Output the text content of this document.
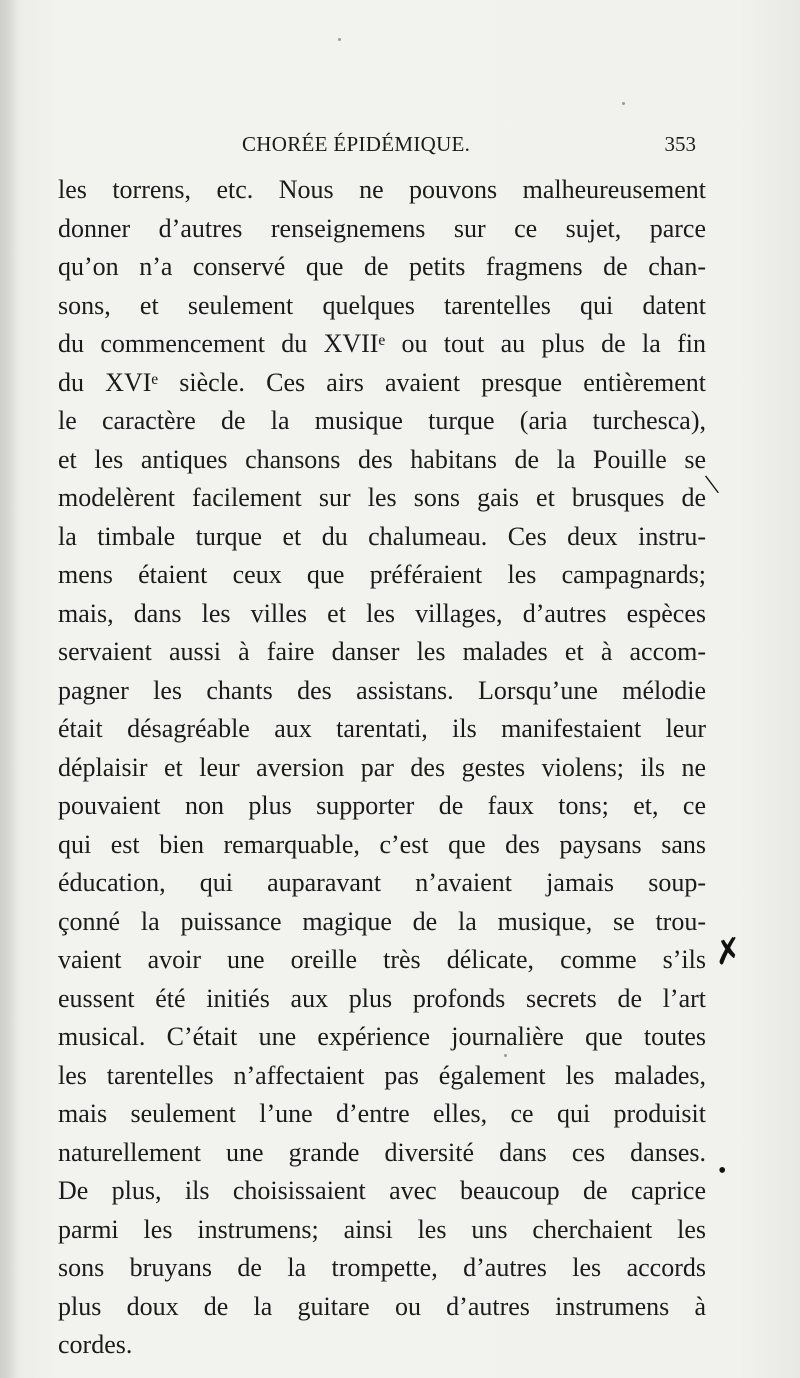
CHORÉE ÉPIDÉMIQUE.	353
les torrens, etc. Nous ne pouvons malheureusement
donner d’autres renseignemens sur ce sujet, parce
qu’on n’a conservé que de petits fragmens de chan-
sons, et seulement quelques tarentelles qui datent
du commencement du XVIIᵉ ou tout au plus de la fin
du XVIᵉ siècle. Ces airs avaient presque entièrement
le caractère de la musique turque (aria turchesca),
et les antiques chansons des habitans de la Pouille se
modelèrent facilement sur les sons gais et brusques de
la timbale turque et du chalumeau. Ces deux instru-
mens étaient ceux que préféraient les campagnards;
mais, dans les villes et les villages, d’autres espèces
servaient aussi à faire danser les malades et à accom-
pagner les chants des assistans. Lorsqu’une mélodie
était désagréable aux tarentati, ils manifestaient leur
déplaisir et leur aversion par des gestes violens; ils ne
pouvaient non plus supporter de faux tons; et, ce
qui est bien remarquable, c’est que des paysans sans
éducation, qui auparavant n’avaient jamais soup-
çonné la puissance magique de la musique, se trou-
vaient avoir une oreille très délicate, comme s’ils
eussent été initiés aux plus profonds secrets de l’art
musical. C’était une expérience journalière que toutes
les tarentelles n’affectaient pas également les malades,
mais seulement l’une d’entre elles, ce qui produisit
naturellement une grande diversité dans ces danses.
De plus, ils choisissaient avec beaucoup de caprice
parmi les instrumens; ainsi les uns cherchaient les
sons bruyans de la trompette, d’autres les accords
plus doux de la guitare ou d’autres instrumens à
cordes.
\
✗
•
